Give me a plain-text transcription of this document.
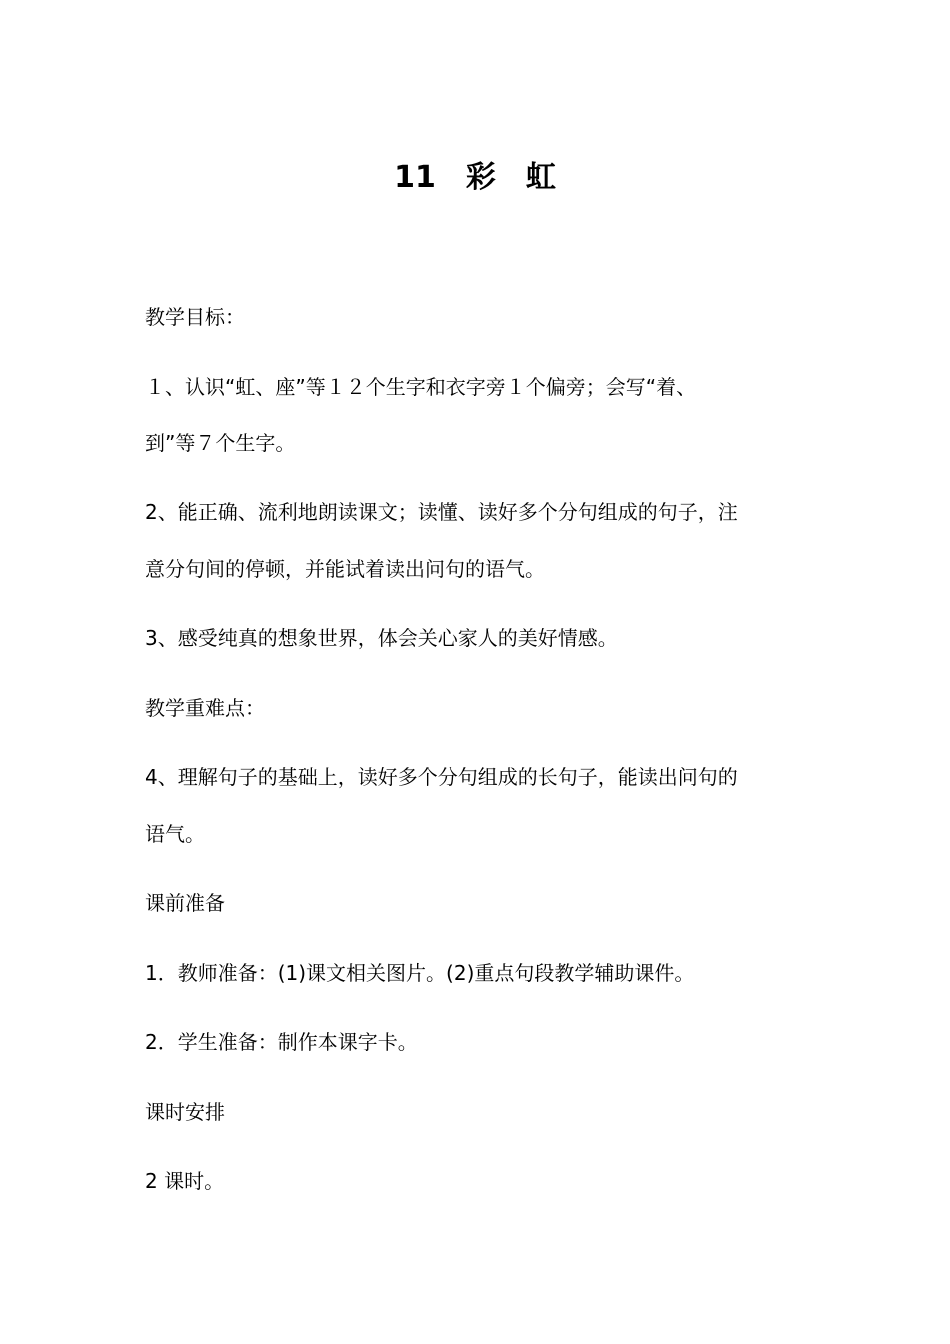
11　彩　虹
教学目标：
１、认识“虹、座”等１２个生字和衣字旁１个偏旁；会写“着、
到”等７个生字。
2、能正确、流利地朗读课文；读懂、读好多个分句组成的句子，注
意分句间的停顿，并能试着读出问句的语气。
3、感受纯真的想象世界，体会关心家人的美好情感。
教学重难点：
4、理解句子的基础上，读好多个分句组成的长句子，能读出问句的
语气。
课前准备
1．教师准备：(1)课文相关图片。(2)重点句段教学辅助课件。
2．学生准备：制作本课字卡。
课时安排
2 课时。
